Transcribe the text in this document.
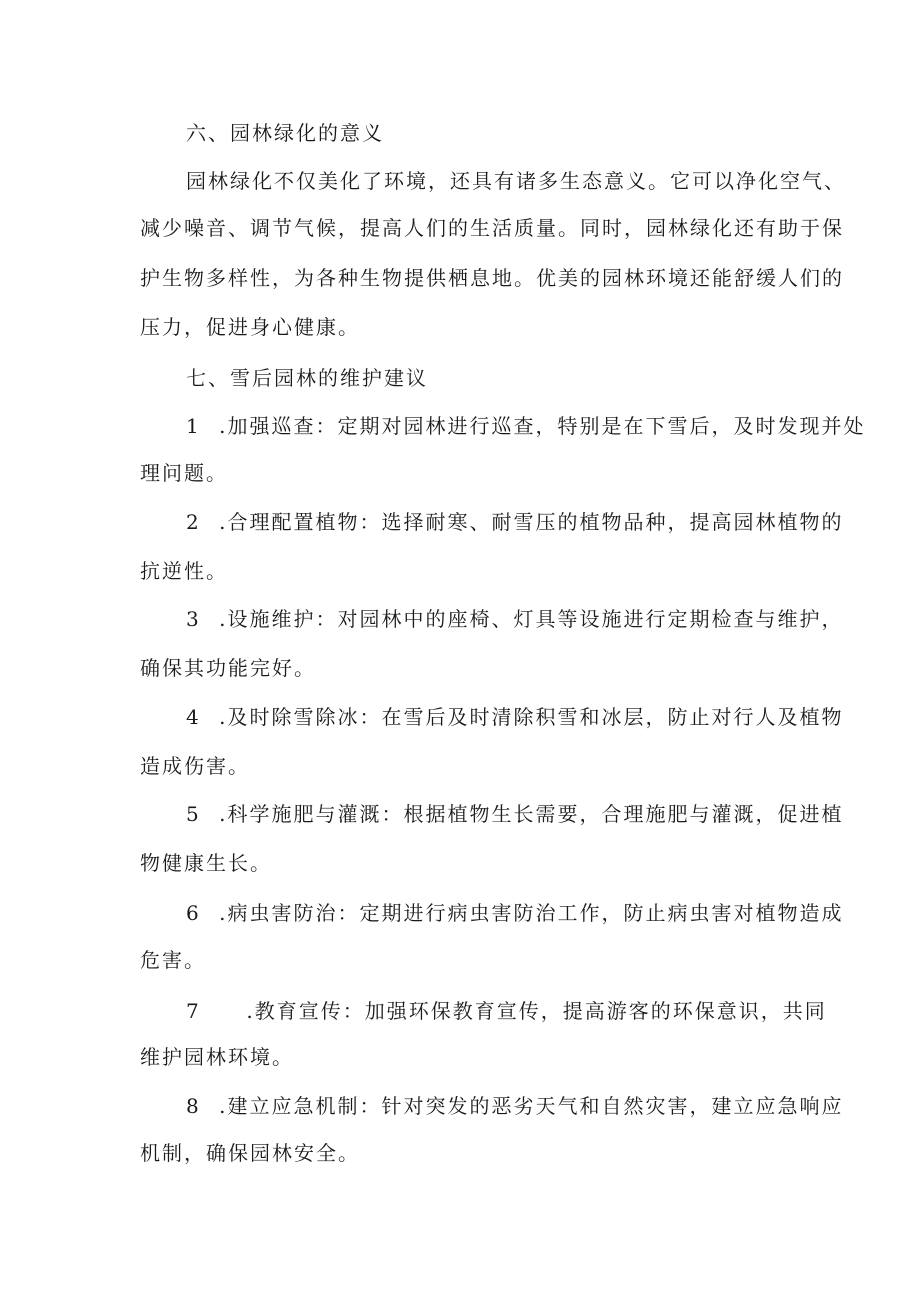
六、园林绿化的意义
园林绿化不仅美化了环境，还具有诸多生态意义。它可以净化空气、
减少噪音、调节气候，提高人们的生活质量。同时，园林绿化还有助于保
护生物多样性，为各种生物提供栖息地。优美的园林环境还能舒缓人们的
压力，促进身心健康。
七、雪后园林的维护建议
1 .加强巡查：定期对园林进行巡查，特别是在下雪后，及时发现并处
理问题。
2 .合理配置植物：选择耐寒、耐雪压的植物品种，提高园林植物的
抗逆性。
3 .设施维护：对园林中的座椅、灯具等设施进行定期检查与维护，
确保其功能完好。
4 .及时除雪除冰：在雪后及时清除积雪和冰层，防止对行人及植物
造成伤害。
5 .科学施肥与灌溉：根据植物生长需要，合理施肥与灌溉，促进植
物健康生长。
6 .病虫害防治：定期进行病虫害防治工作，防止病虫害对植物造成
危害。
7 .教育宣传：加强环保教育宣传，提高游客的环保意识，共同
维护园林环境。
8 .建立应急机制：针对突发的恶劣天气和自然灾害，建立应急响应
机制，确保园林安全。
